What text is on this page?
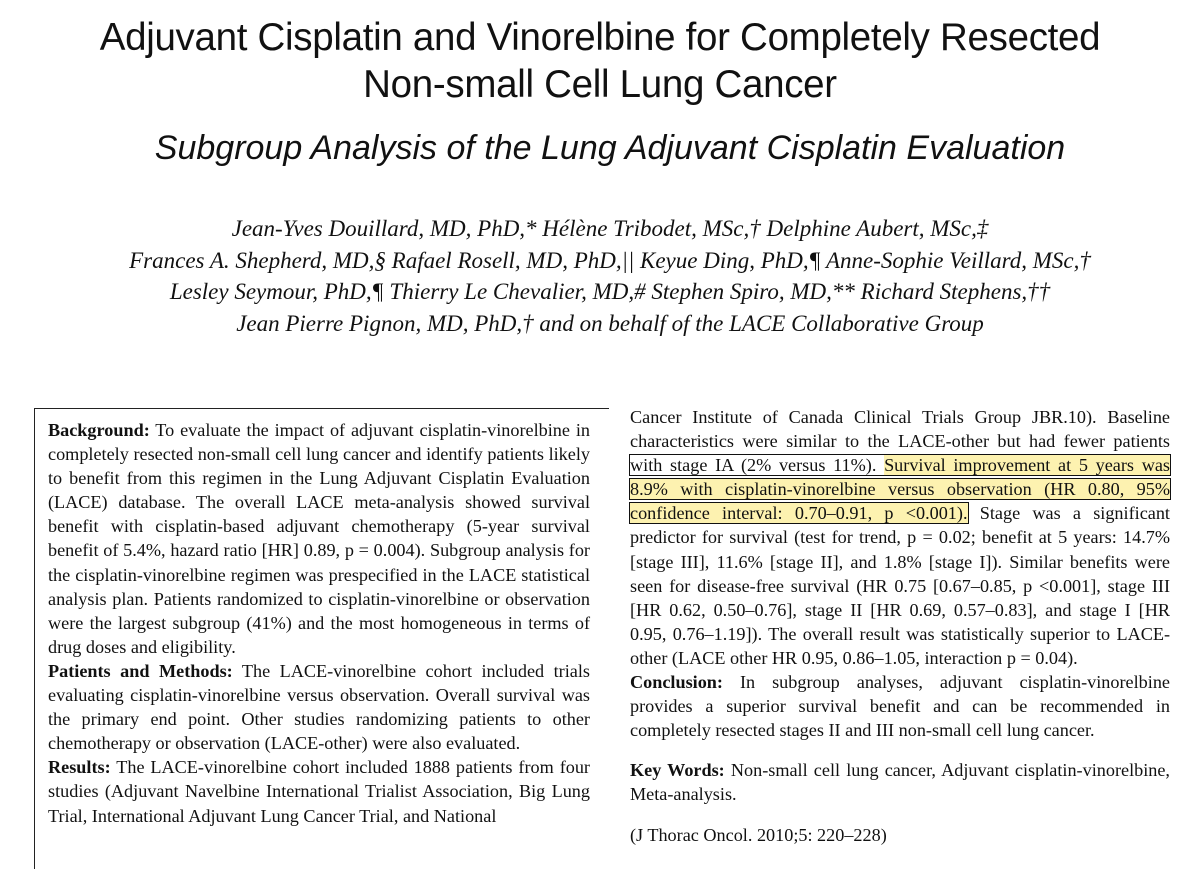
Adjuvant Cisplatin and Vinorelbine for Completely Resected
Non-small Cell Lung Cancer
Subgroup Analysis of the Lung Adjuvant Cisplatin Evaluation
Jean-Yves Douillard, MD, PhD,* Hélène Tribodet, MSc,† Delphine Aubert, MSc,‡
Frances A. Shepherd, MD,§ Rafael Rosell, MD, PhD,|| Keyue Ding, PhD,¶ Anne-Sophie Veillard, MSc,†
Lesley Seymour, PhD,¶ Thierry Le Chevalier, MD,# Stephen Spiro, MD,** Richard Stephens,††
Jean Pierre Pignon, MD, PhD,† and on behalf of the LACE Collaborative Group

Background: To evaluate the impact of adjuvant cisplatin-vinorelbine in completely resected non-small cell lung cancer and identify patients likely to benefit from this regimen in the Lung Adjuvant Cisplatin Evaluation (LACE) database. The overall LACE meta-analysis showed survival benefit with cisplatin-based adjuvant chemotherapy (5-year survival benefit of 5.4%, hazard ratio [HR] 0.89, p = 0.004). Subgroup analysis for the cisplatin-vinorelbine regimen was prespecified in the LACE statistical analysis plan. Patients randomized to cisplatin-vinorelbine or observation were the largest subgroup (41%) and the most homogeneous in terms of drug doses and eligibility.

Patients and Methods: The LACE-vinorelbine cohort included trials evaluating cisplatin-vinorelbine versus observation. Overall survival was the primary end point. Other studies randomizing patients to other chemotherapy or observation (LACE-other) were also evaluated.

Results: The LACE-vinorelbine cohort included 1888 patients from four studies (Adjuvant Navelbine International Trialist Association, Big Lung Trial, International Adjuvant Lung Cancer Trial, and National

Cancer Institute of Canada Clinical Trials Group JBR.10). Baseline characteristics were similar to the LACE-other but had fewer patients with stage IA (2% versus 11%). Survival improvement at 5 years was 8.9% with cisplatin-vinorelbine versus observation (HR 0.80, 95% confidence interval: 0.70–0.91, p <0.001). Stage was a significant predictor for survival (test for trend, p = 0.02; benefit at 5 years: 14.7% [stage III], 11.6% [stage II], and 1.8% [stage I]). Similar benefits were seen for disease-free survival (HR 0.75 [0.67–0.85, p <0.001], stage III [HR 0.62, 0.50–0.76], stage II [HR 0.69, 0.57–0.83], and stage I [HR 0.95, 0.76–1.19]). The overall result was statistically superior to LACE-other (LACE other HR 0.95, 0.86–1.05, interaction p = 0.04).

Conclusion: In subgroup analyses, adjuvant cisplatin-vinorelbine provides a superior survival benefit and can be recommended in completely resected stages II and III non-small cell lung cancer.

Key Words: Non-small cell lung cancer, Adjuvant cisplatin-vinorelbine, Meta-analysis.

(J Thorac Oncol. 2010;5: 220–228)
